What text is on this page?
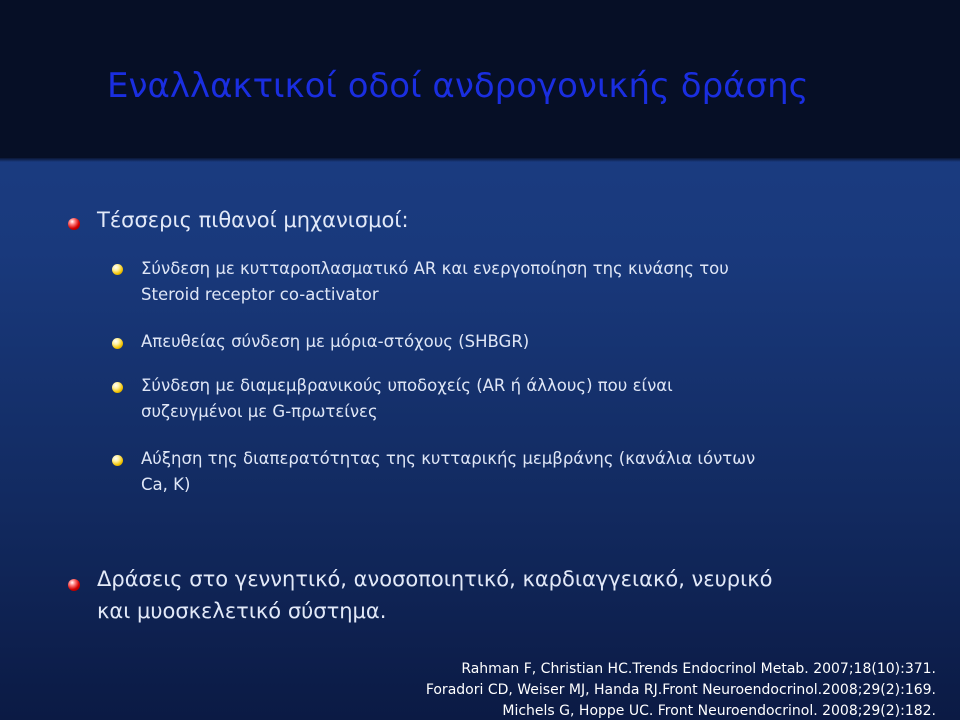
Εναλλακτικοί οδοί ανδρογονικής δράσης
Τέσσερις πιθανοί μηχανισμοί:
Σύνδεση με κυτταροπλασματικό AR και ενεργοποίηση της κινάσης του
Steroid receptor co-activator
Απευθείας σύνδεση με μόρια-στόχους (SHBGR)
Σύνδεση με διαμεμβρανικούς υποδοχείς (AR ή άλλους) που είναι
συζευγμένοι με G-πρωτείνες
Αύξηση της διαπερατότητας της κυτταρικής μεμβράνης (κανάλια ιόντων
Ca, K)
Δράσεις στο γεννητικό, ανοσοποιητικό, καρδιαγγειακό, νευρικό
και μυοσκελετικό σύστημα.
Rahman F, Christian HC.Trends Endocrinol Metab. 2007;18(10):371.
Foradori CD, Weiser MJ, Handa RJ.Front Neuroendocrinol.2008;29(2):169.
Michels G, Hoppe UC. Front Neuroendocrinol. 2008;29(2):182.
